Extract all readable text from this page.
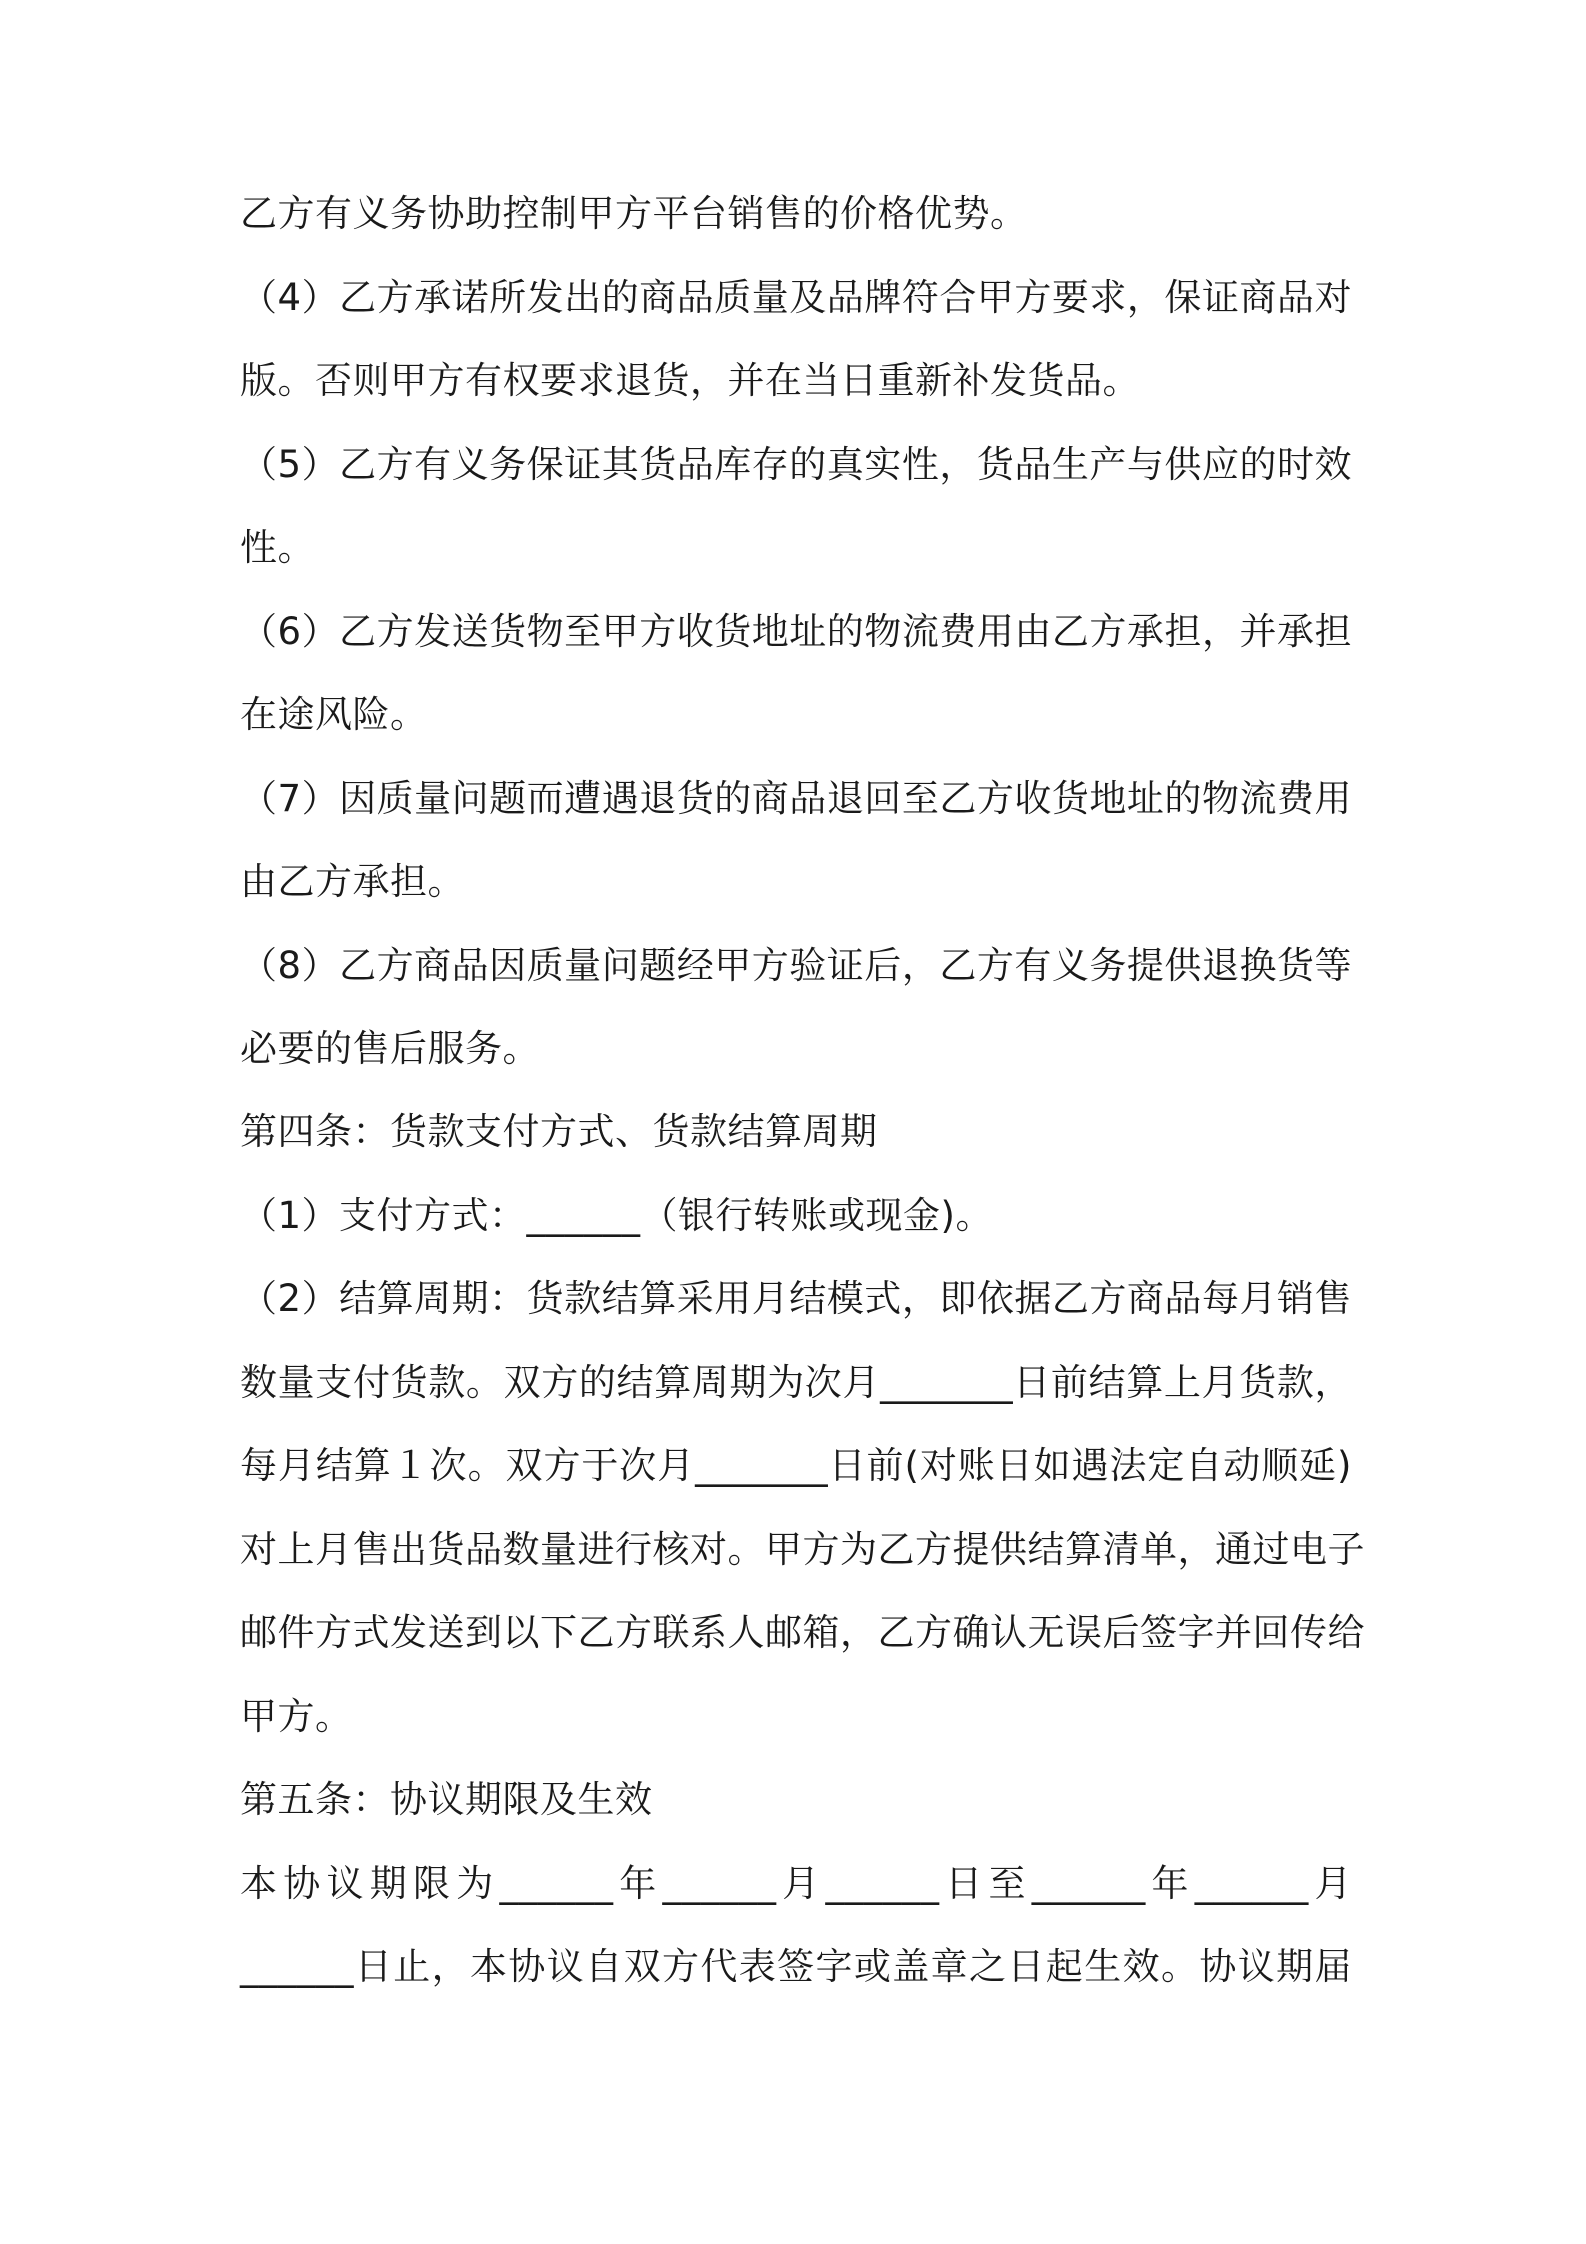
乙方有义务协助控制甲方平台销售的价格优势。
（4）乙方承诺所发出的商品质量及品牌符合甲方要求，保证商品对
版。否则甲方有权要求退货，并在当日重新补发货品。
（5）乙方有义务保证其货品库存的真实性，货品生产与供应的时效
性。
（6）乙方发送货物至甲方收货地址的物流费用由乙方承担，并承担
在途风险。
（7）因质量问题而遭遇退货的商品退回至乙方收货地址的物流费用
由乙方承担。
（8）乙方商品因质量问题经甲方验证后，乙方有义务提供退换货等
必要的售后服务。
第四条：货款支付方式、货款结算周期
（1）支付方式：______（银行转账或现金)。
（2）结算周期：货款结算采用月结模式，即依据乙方商品每月销售
数量支付货款。双方的结算周期为次月_______日前结算上月货款，
每月结算１次。双方于次月_______日前(对账日如遇法定自动顺延)
对上月售出货品数量进行核对。甲方为乙方提供结算清单，通过电子
邮件方式发送到以下乙方联系人邮箱，乙方确认无误后签字并回传给
甲方。
第五条：协议期限及生效
本协议期限为______年______月______日至______年______月
______日止，本协议自双方代表签字或盖章之日起生效。协议期届
